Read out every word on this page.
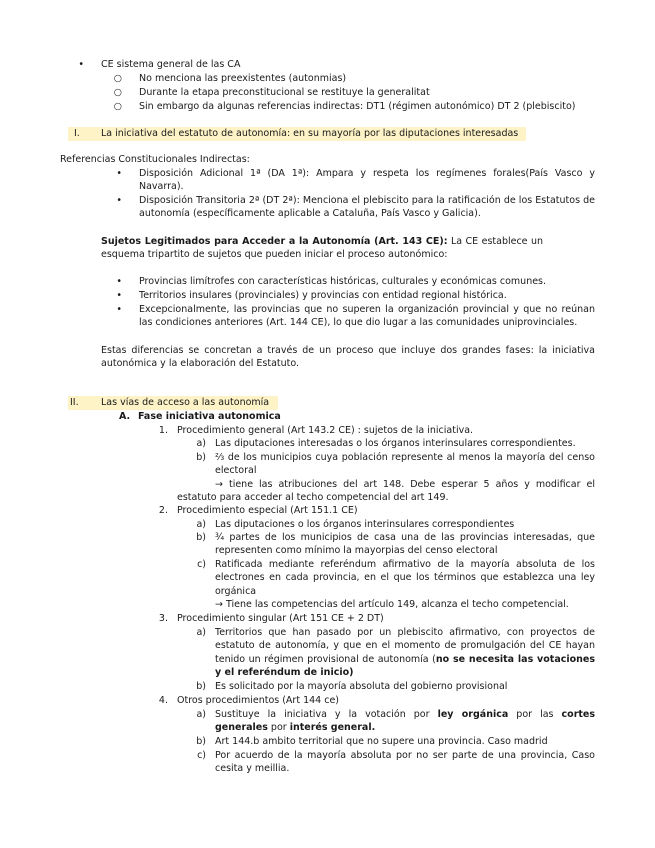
• CE sistema general de las CA
○ No menciona las preexistentes (autonmias)
○ Durante la etapa preconstitucional se restituye la generalitat
○ Sin embargo da algunas referencias indirectas: DT1 (régimen autonómico) DT 2 (plebiscito)
I. La iniciativa del estatuto de autonomía: en su mayoría por las diputaciones interesadas
Referencias Constitucionales Indirectas:
• Disposición Adicional 1ª (DA 1ª): Ampara y respeta los regímenes forales(País Vasco y Navarra).
• Disposición Transitoria 2ª (DT 2ª): Menciona el plebiscito para la ratificación de los Estatutos de autonomía (específicamente aplicable a Cataluña, País Vasco y Galicia).
Sujetos Legitimados para Acceder a la Autonomía (Art. 143 CE): La CE establece un esquema tripartito de sujetos que pueden iniciar el proceso autonómico:
• Provincias limítrofes con características históricas, culturales y económicas comunes.
• Territorios insulares (provinciales) y provincias con entidad regional histórica.
• Excepcionalmente, las provincias que no superen la organización provincial y que no reúnan las condiciones anteriores (Art. 144 CE), lo que dio lugar a las comunidades uniprovinciales.
Estas diferencias se concretan a través de un proceso que incluye dos grandes fases: la iniciativa autonómica y la elaboración del Estatuto.
II. Las vías de acceso a las autonomía
A. Fase iniciativa autonomica
1. Procedimiento general (Art 143.2 CE) : sujetos de la iniciativa.
a) Las diputaciones interesadas o los órganos interinsulares correspondientes.
b) ⅔ de los municipios cuya población represente al menos la mayoría del censo electoral
→ tiene las atribuciones del art 148. Debe esperar 5 años y modificar el estatuto para acceder al techo competencial del art 149.
2. Procedimiento especial (Art 151.1 CE)
a) Las diputaciones o los órganos interinsulares correspondientes
b) ¾ partes de los municipios de casa una de las provincias interesadas, que representen como mínimo la mayorpias del censo electoral
c) Ratificada mediante referéndum afirmativo de la mayoría absoluta de los electrones en cada provincia, en el que los términos que establezca una ley orgánica
→ Tiene las competencias del artículo 149, alcanza el techo competencial.
3. Procedimiento singular (Art 151 CE + 2 DT)
a) Territorios que han pasado por un plebiscito afirmativo, con proyectos de estatuto de autonomía, y que en el momento de promulgación del CE hayan tenido un régimen provisional de autonomía (no se necesita las votaciones y el referéndum de inicio)
b) Es solicitado por la mayoría absoluta del gobierno provisional
4. Otros procedimientos (Art 144 ce)
a) Sustituye la iniciativa y la votación por ley orgánica por las cortes generales por interés general.
b) Art 144.b ambito territorial que no supere una provincia. Caso madrid
c) Por acuerdo de la mayoría absoluta por no ser parte de una provincia, Caso cesita y meillia.
